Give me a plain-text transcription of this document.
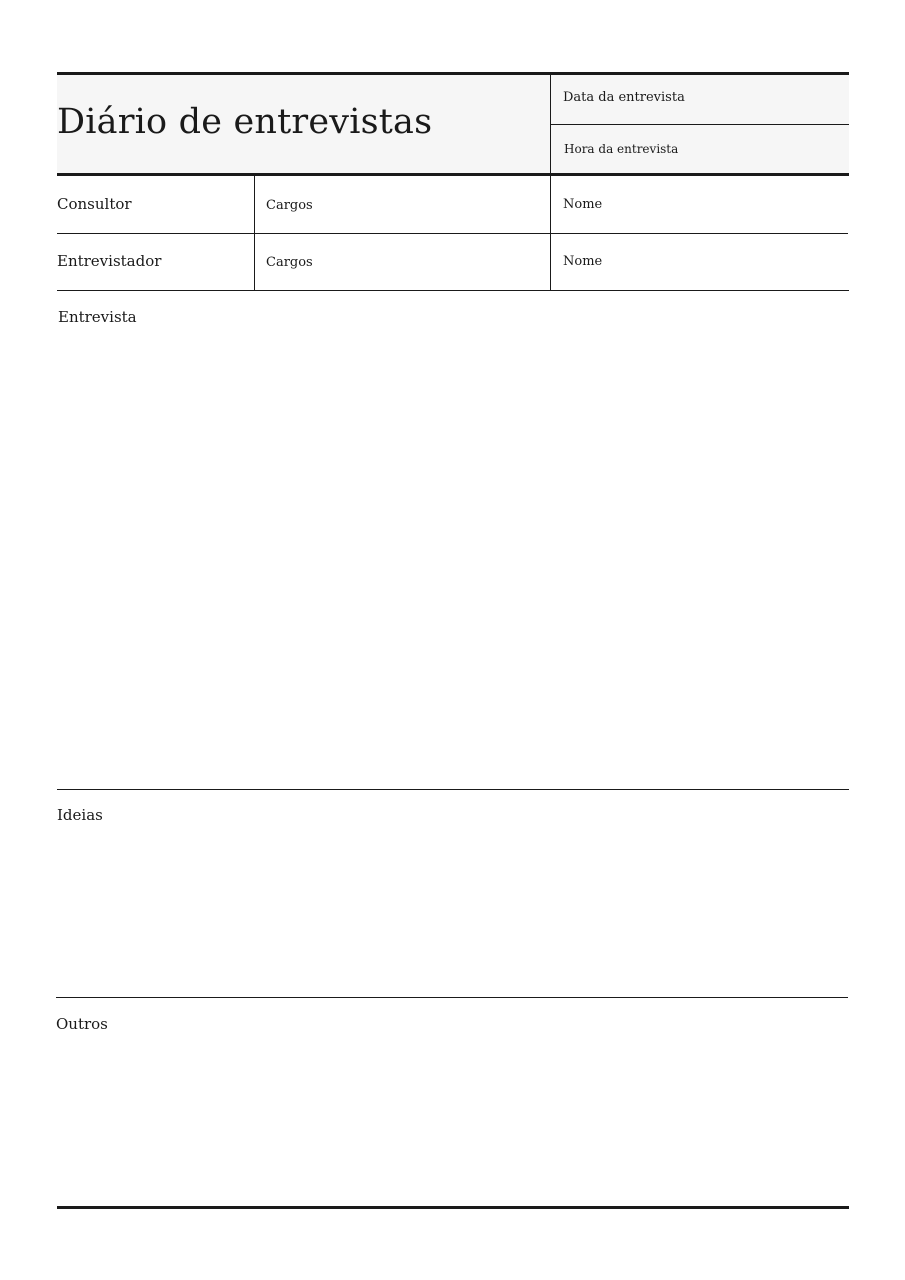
Diário de entrevistas
Data da entrevista
Hora da entrevista
Consultor	Cargos	Nome
Entrevistador	Cargos	Nome
Entrevista
Ideias
Outros
